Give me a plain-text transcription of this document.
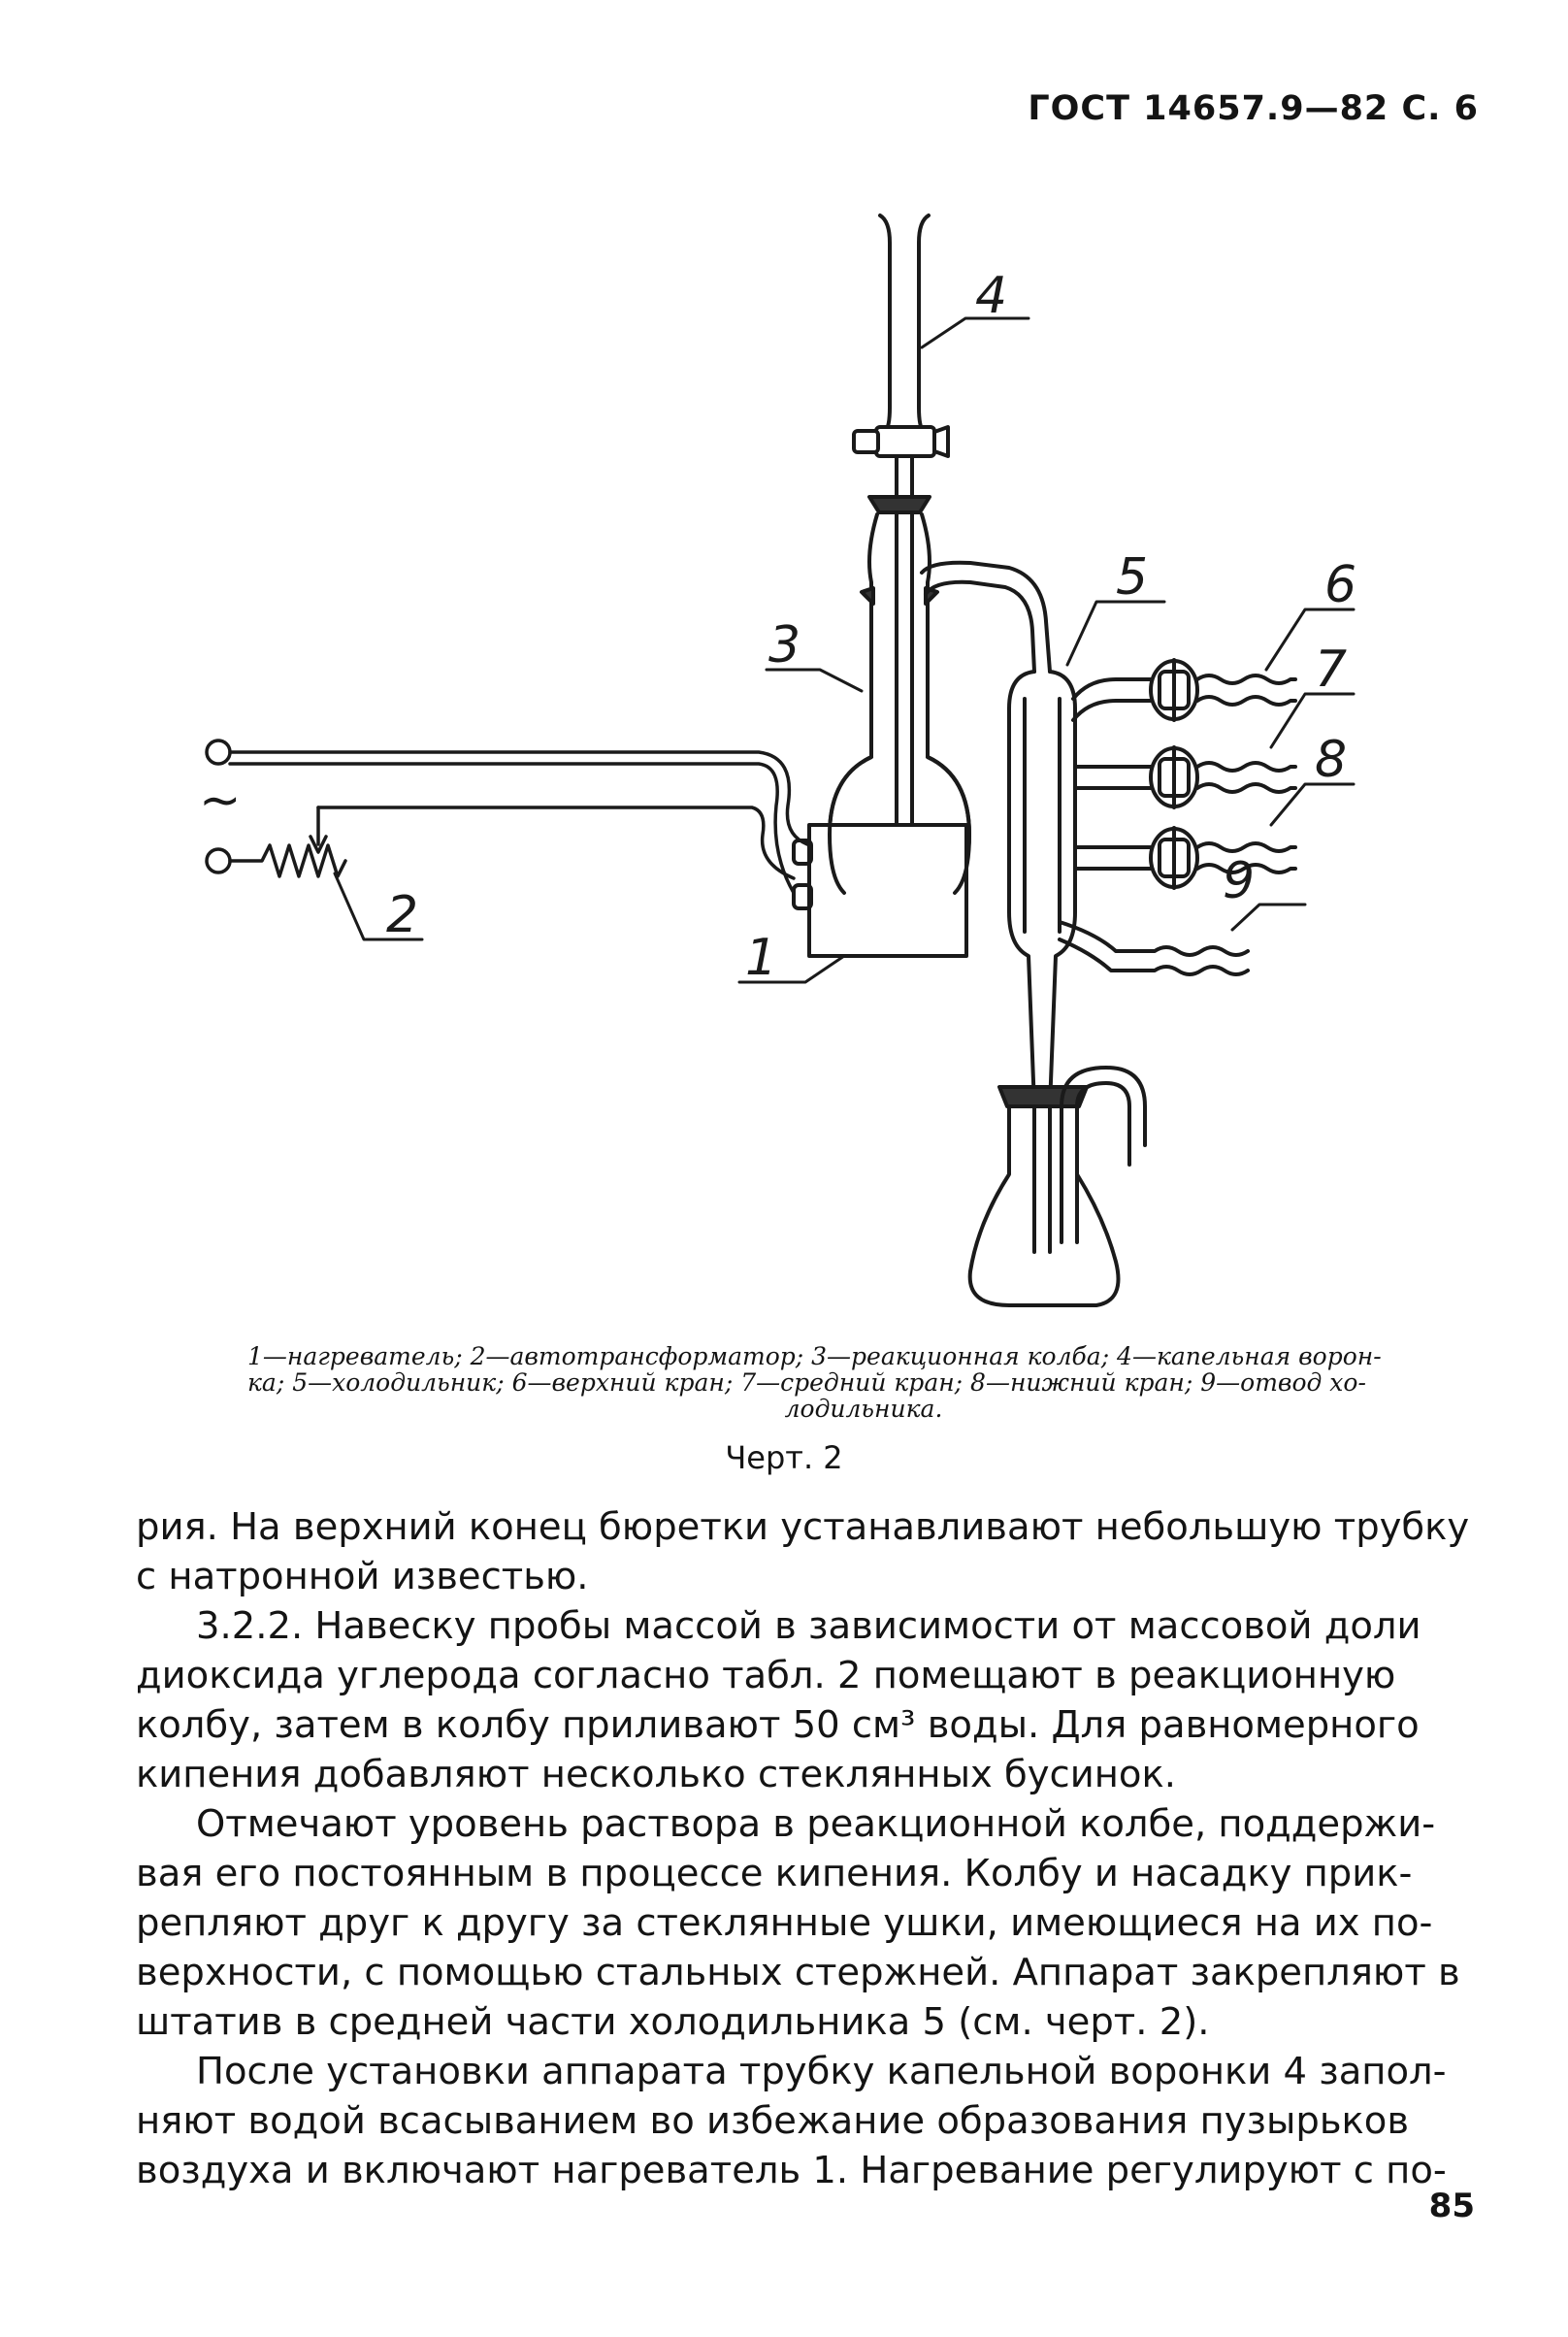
ГОСТ 14657.9—82 С. 6
4
3
5	6
7
8
9
1
2
~
1—нагреватель; 2—автотрансформатор; 3—реакционная колба; 4—капельная ворон-
ка; 5—холодильник; 6—верхний кран; 7—средний кран; 8—нижний кран; 9—отвод хо-
лодильника.
Черт. 2
рия. На верхний конец бюретки устанавливают небольшую трубку
с натронной известью.
3.2.2. Навеску пробы массой в зависимости от массовой доли
диоксида углерода согласно табл. 2 помещают в реакционную
колбу, затем в колбу приливают 50 см³ воды. Для равномерного
кипения добавляют несколько стеклянных бусинок.
Отмечают уровень раствора в реакционной колбе, поддержи-
вая его постоянным в процессе кипения. Колбу и насадку прик-
репляют друг к другу за стеклянные ушки, имеющиеся на их по-
верхности, с помощью стальных стержней. Аппарат закрепляют в
штатив в средней части холодильника 5 (см. черт. 2).
После установки аппарата трубку капельной воронки 4 запол-
няют водой всасыванием во избежание образования пузырьков
воздуха и включают нагреватель 1. Нагревание регулируют с по-
85
